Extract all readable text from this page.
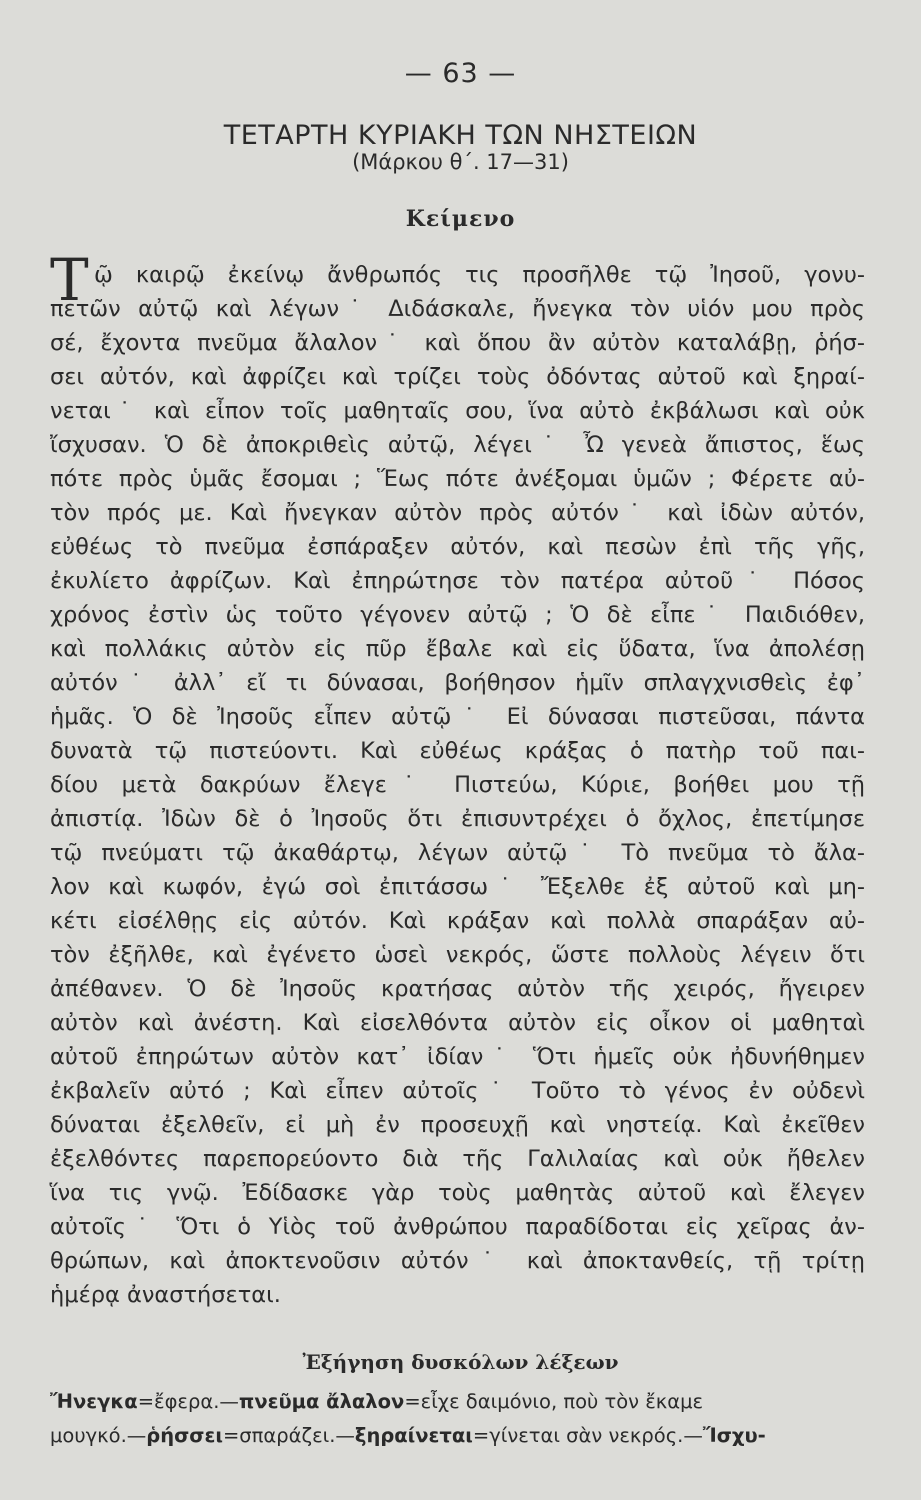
— 63 —
ΤΕΤΑΡΤΗ ΚΥΡΙΑΚΗ ΤΩΝ ΝΗΣΤΕΙΩΝ
(Μάρκου θ΄. 17—31)
Κείμενο
Τ ῷ καιρῷ ἐκείνῳ ἄνθρωπός τις προσῆλθε τῷ Ἰησοῦ, γονυ-
πετῶν αὐτῷ καὶ λέγων˙ Διδάσκαλε, ἤνεγκα τὸν υἱόν μου πρὸς
σέ, ἔχοντα πνεῦμα ἄλαλον˙ καὶ ὅπου ἂν αὐτὸν καταλάβῃ, ῥήσ-
σει αὐτόν, καὶ ἀφρίζει καὶ τρίζει τοὺς ὀδόντας αὐτοῦ καὶ ξηραί-
νεται˙ καὶ εἶπον τοῖς μαθηταῖς σου, ἵνα αὐτὸ ἐκβάλωσι καὶ οὐκ
ἴσχυσαν. Ὁ δὲ ἀποκριθεὶς αὐτῷ, λέγει˙ Ὦ γενεὰ ἄπιστος, ἕως
πότε πρὸς ὑμᾶς ἔσομαι ; Ἕως πότε ἀνέξομαι ὑμῶν ; Φέρετε αὐ-
τὸν πρός με. Καὶ ἤνεγκαν αὐτὸν πρὸς αὐτόν˙ καὶ ἰδὼν αὐτόν,
εὐθέως τὸ πνεῦμα ἐσπάραξεν αὐτόν, καὶ πεσὼν ἐπὶ τῆς γῆς,
ἐκυλίετο ἀφρίζων. Καὶ ἐπηρώτησε τὸν πατέρα αὐτοῦ˙ Πόσος
χρόνος ἐστὶν ὡς τοῦτο γέγονεν αὐτῷ ; Ὁ δὲ εἶπε˙ Παιδιόθεν,
καὶ πολλάκις αὐτὸν εἰς πῦρ ἔβαλε καὶ εἰς ὕδατα, ἵνα ἀπολέσῃ
αὐτόν˙ ἀλλ᾽ εἴ τι δύνασαι, βοήθησον ἡμῖν σπλαγχνισθεὶς ἐφ᾽
ἡμᾶς. Ὁ δὲ Ἰησοῦς εἶπεν αὐτῷ˙ Εἰ δύνασαι πιστεῦσαι, πάντα
δυνατὰ τῷ πιστεύοντι. Καὶ εὐθέως κράξας ὁ πατὴρ τοῦ παι-
δίου μετὰ δακρύων ἔλεγε˙ Πιστεύω, Κύριε, βοήθει μου τῇ
ἀπιστίᾳ. Ἰδὼν δὲ ὁ Ἰησοῦς ὅτι ἐπισυντρέχει ὁ ὄχλος, ἐπετίμησε
τῷ πνεύματι τῷ ἀκαθάρτῳ, λέγων αὐτῷ˙ Τὸ πνεῦμα τὸ ἄλα-
λον καὶ κωφόν, ἐγώ σοὶ ἐπιτάσσω˙ Ἔξελθε ἐξ αὐτοῦ καὶ μη-
κέτι εἰσέλθῃς εἰς αὐτόν. Καὶ κράξαν καὶ πολλὰ σπαράξαν αὐ-
τὸν ἐξῆλθε, καὶ ἐγένετο ὡσεὶ νεκρός, ὥστε πολλοὺς λέγειν ὅτι
ἀπέθανεν. Ὁ δὲ Ἰησοῦς κρατήσας αὐτὸν τῆς χειρός, ἤγειρεν
αὐτὸν καὶ ἀνέστη. Καὶ εἰσελθόντα αὐτὸν εἰς οἶκον οἱ μαθηταὶ
αὐτοῦ ἐπηρώτων αὐτὸν κατ᾽ ἰδίαν˙ Ὅτι ἡμεῖς οὐκ ἠδυνήθημεν
ἐκβαλεῖν αὐτό ; Καὶ εἶπεν αὐτοῖς˙ Τοῦτο τὸ γένος ἐν οὐδενὶ
δύναται ἐξελθεῖν, εἰ μὴ ἐν προσευχῇ καὶ νηστείᾳ. Καὶ ἐκεῖθεν
ἐξελθόντες παρεπορεύοντο διὰ τῆς Γαλιλαίας καὶ οὐκ ἤθελεν
ἵνα τις γνῷ. Ἐδίδασκε γὰρ τοὺς μαθητὰς αὐτοῦ καὶ ἔλεγεν
αὐτοῖς˙ Ὅτι ὁ Υἱὸς τοῦ ἀνθρώπου παραδίδοται εἰς χεῖρας ἀν-
θρώπων, καὶ ἀποκτενοῦσιν αὐτόν˙ καὶ ἀποκτανθείς, τῇ τρίτῃ
ἡμέρᾳ ἀναστήσεται.
Ἐξήγηση δυσκόλων λέξεων
Ἤνεγκα=ἔφερα.—πνεῦμα ἄλαλον=εἶχε δαιμόνιο, ποὺ τὸν ἔκαμε
μουγκό.—ῥήσσει=σπαράζει.—ξηραίνεται=γίνεται σὰν νεκρός.—Ἴσχυ-
